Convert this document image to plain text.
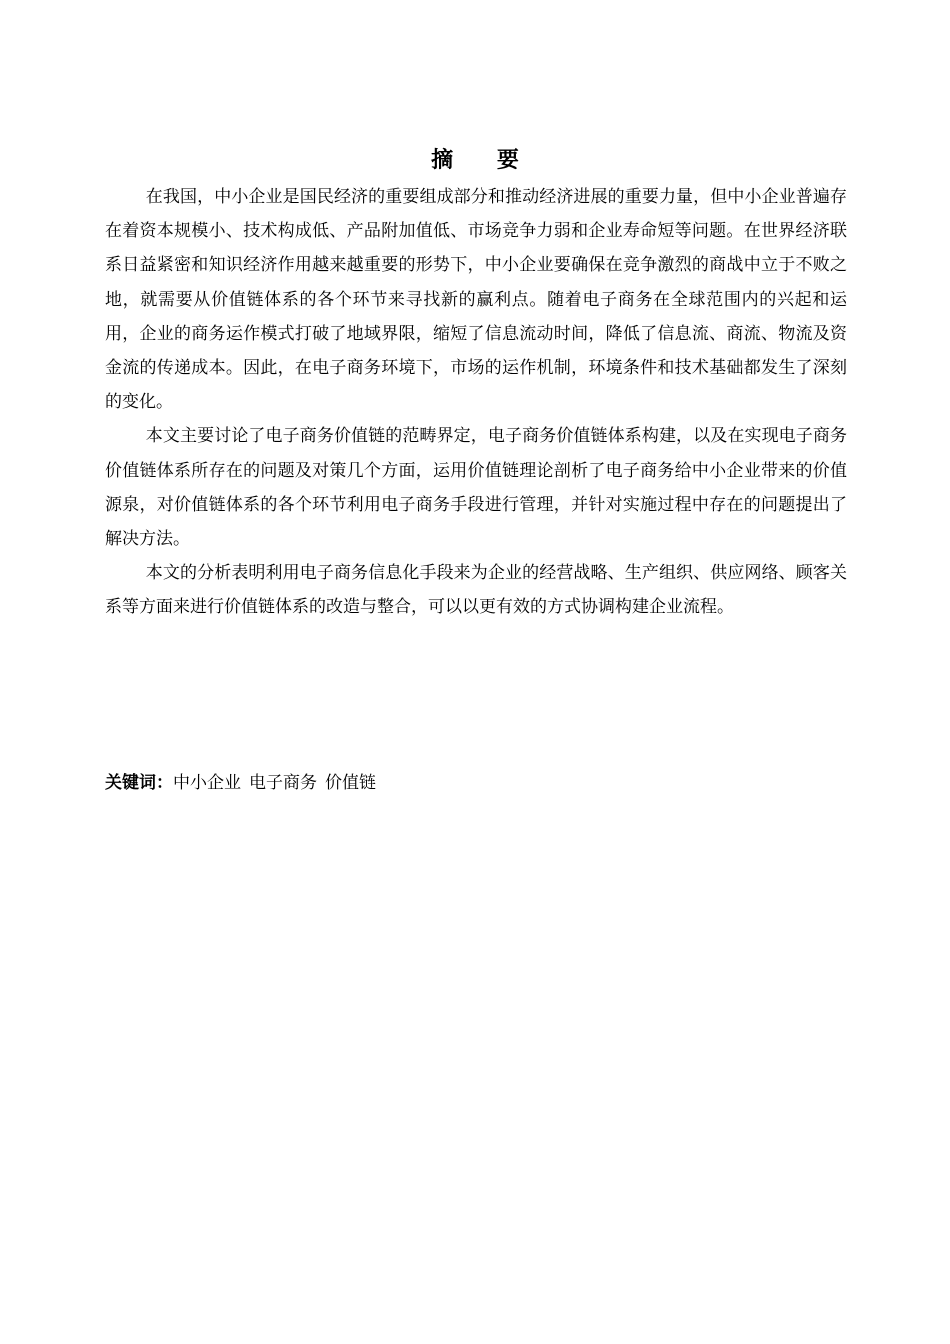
摘 要

在我国，中小企业是国民经济的重要组成部分和推动经济进展的重要力量，但中小企业普遍存在着资本规模小、技术构成低、产品附加值低、市场竞争力弱和企业寿命短等问题。在世界经济联系日益紧密和知识经济作用越来越重要的形势下，中小企业要确保在竞争激烈的商战中立于不败之地，就需要从价值链体系的各个环节来寻找新的赢利点。随着电子商务在全球范围内的兴起和运用，企业的商务运作模式打破了地域界限，缩短了信息流动时间，降低了信息流、商流、物流及资金流的传递成本。因此，在电子商务环境下，市场的运作机制，环境条件和技术基础都发生了深刻的变化。

本文主要讨论了电子商务价值链的范畴界定，电子商务价值链体系构建，以及在实现电子商务价值链体系所存在的问题及对策几个方面，运用价值链理论剖析了电子商务给中小企业带来的价值源泉，对价值链体系的各个环节利用电子商务手段进行管理，并针对实施过程中存在的问题提出了解决方法。

本文的分析表明利用电子商务信息化手段来为企业的经营战略、生产组织、供应网络、顾客关系等方面来进行价值链体系的改造与整合，可以以更有效的方式协调构建企业流程。

关键词：中小企业 电子商务 价值链
